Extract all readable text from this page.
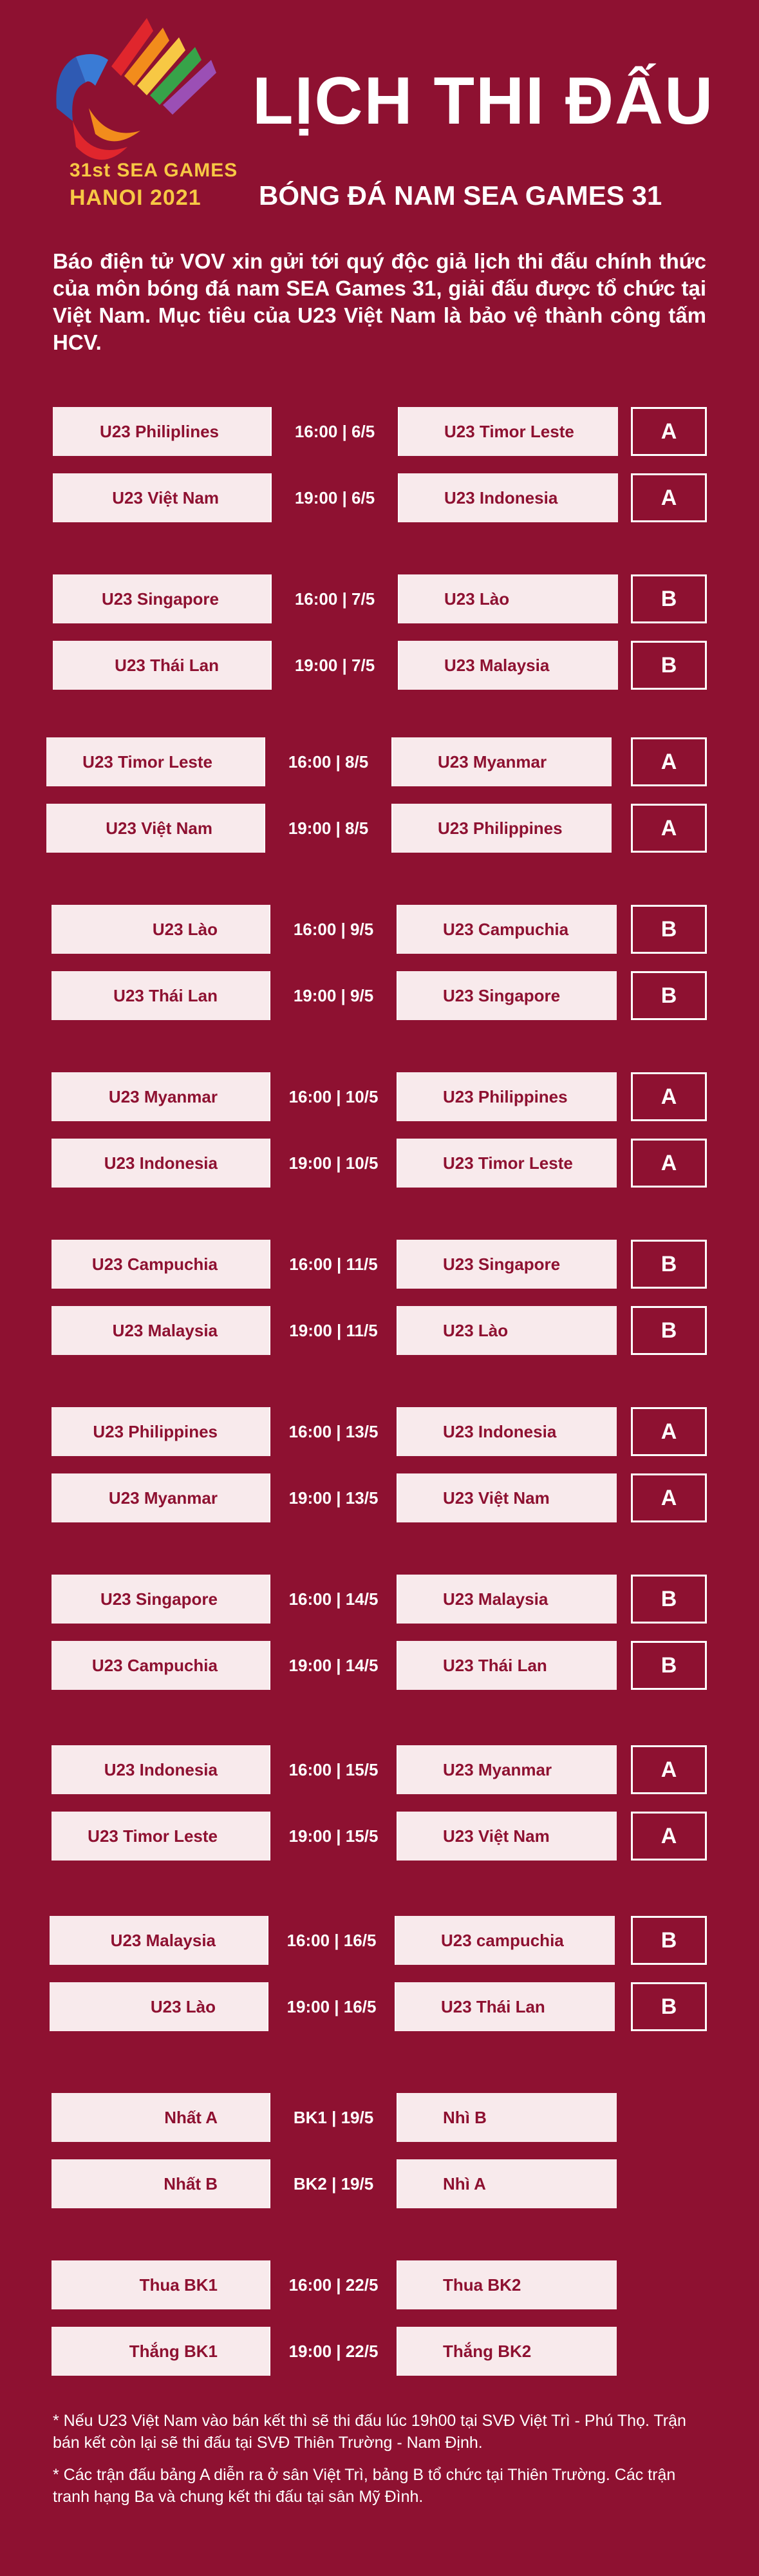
31st SEA GAMES
HANOI 2021
LỊCH THI ĐẤU
BÓNG ĐÁ NAM SEA GAMES 31
Báo điện tử VOV xin gửi tới quý độc giả lịch thi đấu chính thức của môn bóng đá nam SEA Games 31, giải đấu được tổ chức tại Việt Nam. Mục tiêu của U23 Việt Nam là bảo vệ thành công tấm HCV.
U23 Philiplines	16:00 | 6/5	U23 Timor Leste	A
U23 Việt Nam	19:00 | 6/5	U23 Indonesia	A
U23 Singapore	16:00 | 7/5	U23 Lào	B
U23 Thái Lan	19:00 | 7/5	U23 Malaysia	B
U23 Timor Leste	16:00 | 8/5	U23 Myanmar	A
U23 Việt Nam	19:00 | 8/5	U23 Philippines	A
U23 Lào	16:00 | 9/5	U23 Campuchia	B
U23 Thái Lan	19:00 | 9/5	U23 Singapore	B
U23 Myanmar	16:00 | 10/5	U23 Philippines	A
U23 Indonesia	19:00 | 10/5	U23 Timor Leste	A
U23 Campuchia	16:00 | 11/5	U23 Singapore	B
U23 Malaysia	19:00 | 11/5	U23 Lào	B
U23 Philippines	16:00 | 13/5	U23 Indonesia	A
U23 Myanmar	19:00 | 13/5	U23 Việt Nam	A
U23 Singapore	16:00 | 14/5	U23 Malaysia	B
U23 Campuchia	19:00 | 14/5	U23 Thái Lan	B
U23 Indonesia	16:00 | 15/5	U23 Myanmar	A
U23 Timor Leste	19:00 | 15/5	U23 Việt Nam	A
U23 Malaysia	16:00 | 16/5	U23 campuchia	B
U23 Lào	19:00 | 16/5	U23 Thái Lan	B
Nhất A	BK1 | 19/5	Nhì B
Nhất B	BK2 | 19/5	Nhì A
Thua BK1	16:00 | 22/5	Thua BK2
Thắng BK1	19:00 | 22/5	Thắng BK2
* Nếu U23 Việt Nam vào bán kết thì sẽ thi đấu lúc 19h00 tại SVĐ Việt Trì - Phú Thọ. Trận bán kết còn lại sẽ thi đấu tại SVĐ Thiên Trường - Nam Định.
* Các trận đấu bảng A diễn ra ở sân Việt Trì, bảng B tổ chức tại Thiên Trường. Các trận tranh hạng Ba và chung kết thi đấu tại sân Mỹ Đình.
